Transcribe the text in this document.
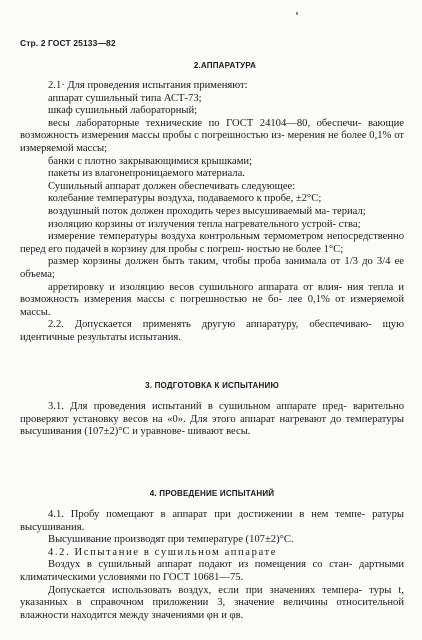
Стр. 2 ГОСТ 25133—82
2.АППАРАТУРА

2.1· Для проведения испытания применяют:

аппарат сушильный типа АСТ-73;

шкаф сушильный лабораторный;

весы лабораторные технические по ГОСТ 24104—80, обеспечи- вающие возможность измерения массы пробы с погрешностью из- мерения не более 0,1% от измеряемой массы;

банки с плотно закрывающимися крышками;

пакеты из влагонепроницаемого материала.

Сушильный аппарат должен обеспечивать следующее:

колебание температуры воздуха, подаваемого к пробе, ±2°С;

воздушный поток должен проходить через высушиваемый ма- териал;

изоляцию корзины от излучения тепла нагревательного устрой- ства;

измерение температуры воздуха контрольным термометром непосредственно перед его подачей в корзину для пробы с погреш- ностью не более 1°С;

размер корзины должен быть таким, чтобы проба занимала от 1/3 до 3/4 ее объема;

арретировку и изоляцию весов сушильного аппарата от влия- ния тепла и возможность измерения массы с погрешностью не бо- лее 0,1% от измеряемой массы.

2.2. Допускается применять другую аппаратуру, обеспечиваю- щую идентичные результаты испытания.

3. ПОДГОТОВКА К ИСПЫТАНИЮ

3.1. Для проведения испытаний в сушильном аппарате пред- варительно проверяют установку весов на «0». Для этого аппарат нагревают до температуры высушивания (107±2)°С и уравнове- шивают весы.

4. ПРОВЕДЕНИЕ ИСПЫТАНИЙ

4.1. Пробу помещают в аппарат при достижении в нем темпе- ратуры высушивания.

Высушивание производят при температуре (107±2)°С.

4.2. Испытание в сушильном аппарате

Воздух в сушильный аппарат подают из помещения со стан- дартными климатическими условиями по ГОСТ 10681—75.

Допускается использовать воздух, если при значениях темпера- туры t, указанных в справочном приложении 3, значение величины относительной влажности находится между значениями φн и φв.
